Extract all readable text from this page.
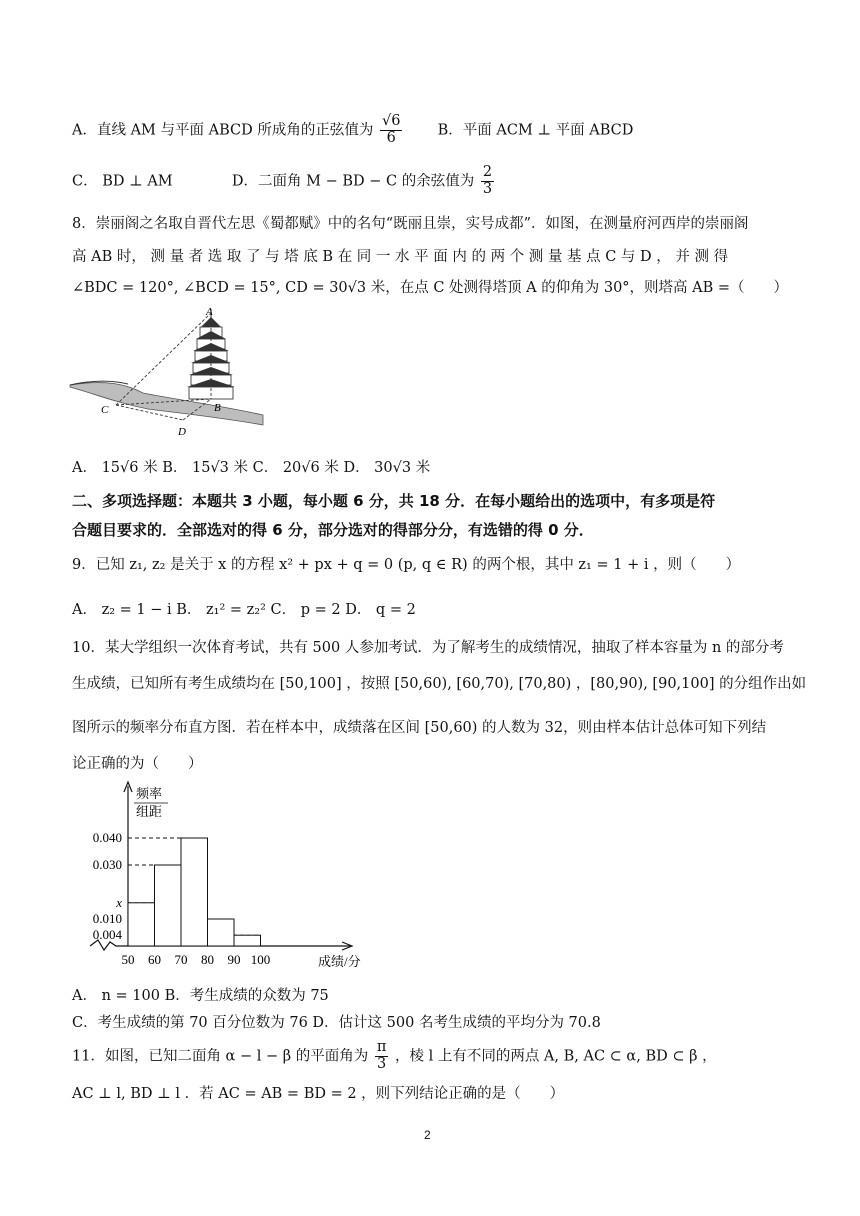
A．直线 AM 与平面 ABCD 所成角的正弦值为 $\frac{√6}{6}$ B．平面 ACM ⊥ 平面 ABCD
C． BD ⊥ AM	D．二面角 M − BD − C 的余弦值为 $\frac{2}{3}$
8．崇丽阁之名取自晋代左思《蜀都赋》中的名句“既丽且崇，实号成都”．如图，在测量府河西岸的崇丽阁
高 AB 时， 测 量 者 选 取 了 与 塔 底 B 在 同 一 水 平 面 内 的 两 个 测 量 基 点 C 与 D ， 并 测 得
∠BDC = 120°, ∠BCD = 15°, CD = 30√3 米，在点 C 处测得塔顶 A 的仰角为 30°，则塔高 AB =（　　）
A
B
C
D
A． 15√6 米 B． 15√3 米 C． 20√6 米 D． 30√3 米
二、多项选择题：本题共 3 小题，每小题 6 分，共 18 分．在每小题给出的选项中，有多项是符
合题目要求的．全部选对的得 6 分，部分选对的得部分分，有选错的得 0 分．
9．已知 z₁, z₂ 是关于 x 的方程 x² + px + q = 0 (p, q ∈ R) 的两个根，其中 z₁ = 1 + i ，则（　　）
A． z₂ = 1 − i B． z₁² = z₂² C． p = 2 D． q = 2
10．某大学组织一次体育考试，共有 500 人参加考试．为了解考生的成绩情况，抽取了样本容量为 n 的部分考
生成绩，已知所有考生成绩均在 [50,100] ，按照 [50,60), [60,70), [70,80) ，[80,90), [90,100] 的分组作出如
图所示的频率分布直方图．若在样本中，成绩落在区间 [50,60) 的人数为 32，则由样本估计总体可知下列结
论正确的为（　　）
频率
组距
0.040
0.030
x
0.010
0.004
50 60 70 80 90 100	成绩/分
A． n = 100 B．考生成绩的众数为 75
C．考生成绩的第 70 百分位数为 76 D．估计这 500 名考生成绩的平均分为 70.8
11．如图，已知二面角 α − l − β 的平面角为 $\frac{\pi}{3}$ ，棱 l 上有不同的两点 A, B, AC ⊂ α, BD ⊂ β ，
AC ⊥ l, BD ⊥ l ．若 AC = AB = BD = 2 ，则下列结论正确的是（　　）
2
